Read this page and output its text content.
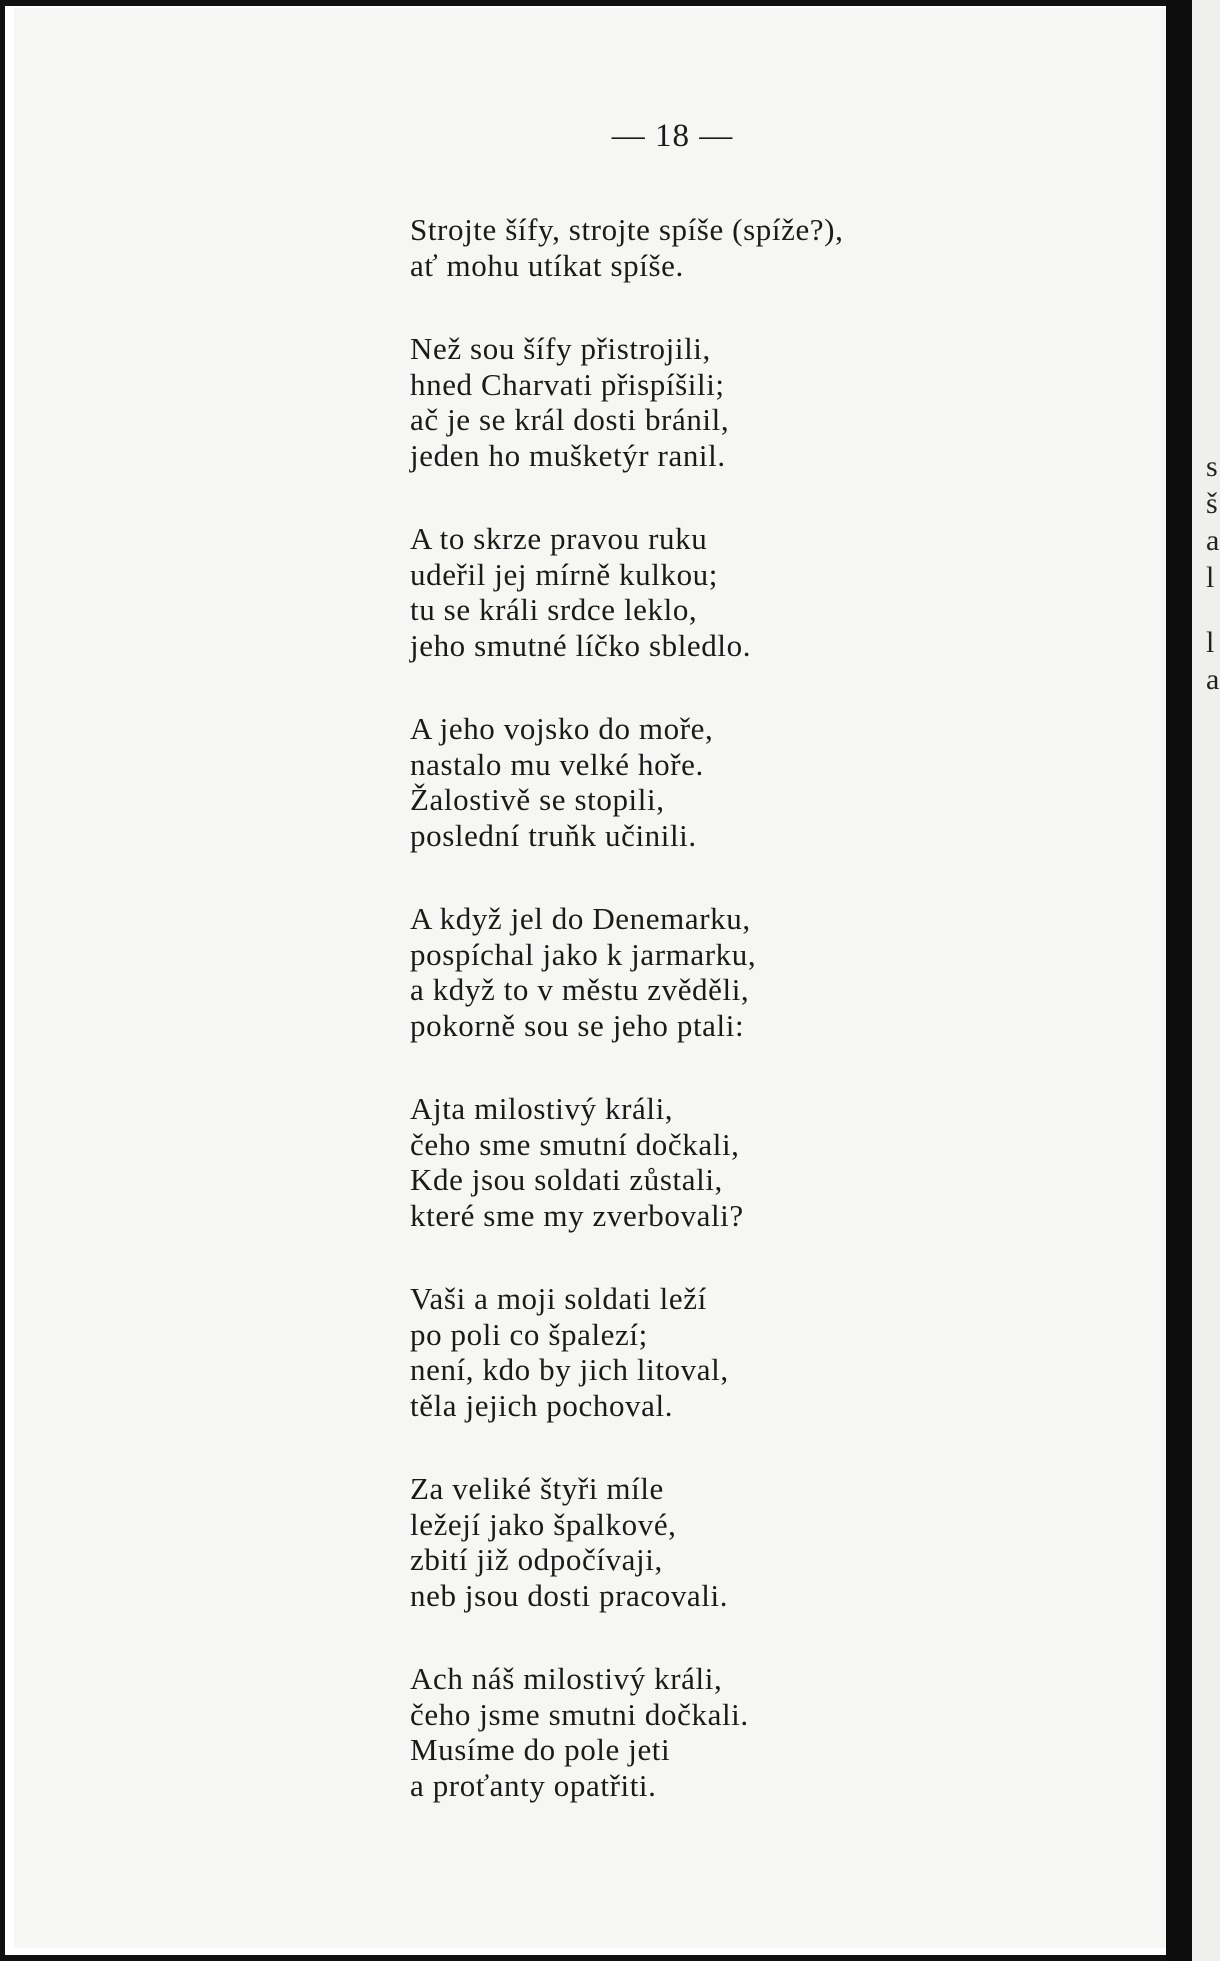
s
š
a
l
l
a
— 18 —
Strojte šífy, strojte spíše (spíže?),
ať mohu utíkat spíše.
Než sou šífy přistrojili,
hned Charvati přispíšili;
ač je se král dosti bránil,
jeden ho mušketýr ranil.
A to skrze pravou ruku
udeřil jej mírně kulkou;
tu se králi srdce leklo,
jeho smutné líčko sbledlo.
A jeho vojsko do moře,
nastalo mu velké hoře.
Žalostivě se stopili,
poslední truňk učinili.
A když jel do Denemarku,
pospíchal jako k jarmarku,
a když to v městu zvěděli,
pokorně sou se jeho ptali:
Ajta milostivý králi,
čeho sme smutní dočkali,
Kde jsou soldati zůstali,
které sme my zverbovali?
Vaši a moji soldati leží
po poli co špalezí;
není, kdo by jich litoval,
těla jejich pochoval.
Za veliké štyři míle
ležejí jako špalkové,
zbití již odpočívaji,
neb jsou dosti pracovali.
Ach náš milostivý králi,
čeho jsme smutni dočkali.
Musíme do pole jeti
a proťanty opatřiti.
